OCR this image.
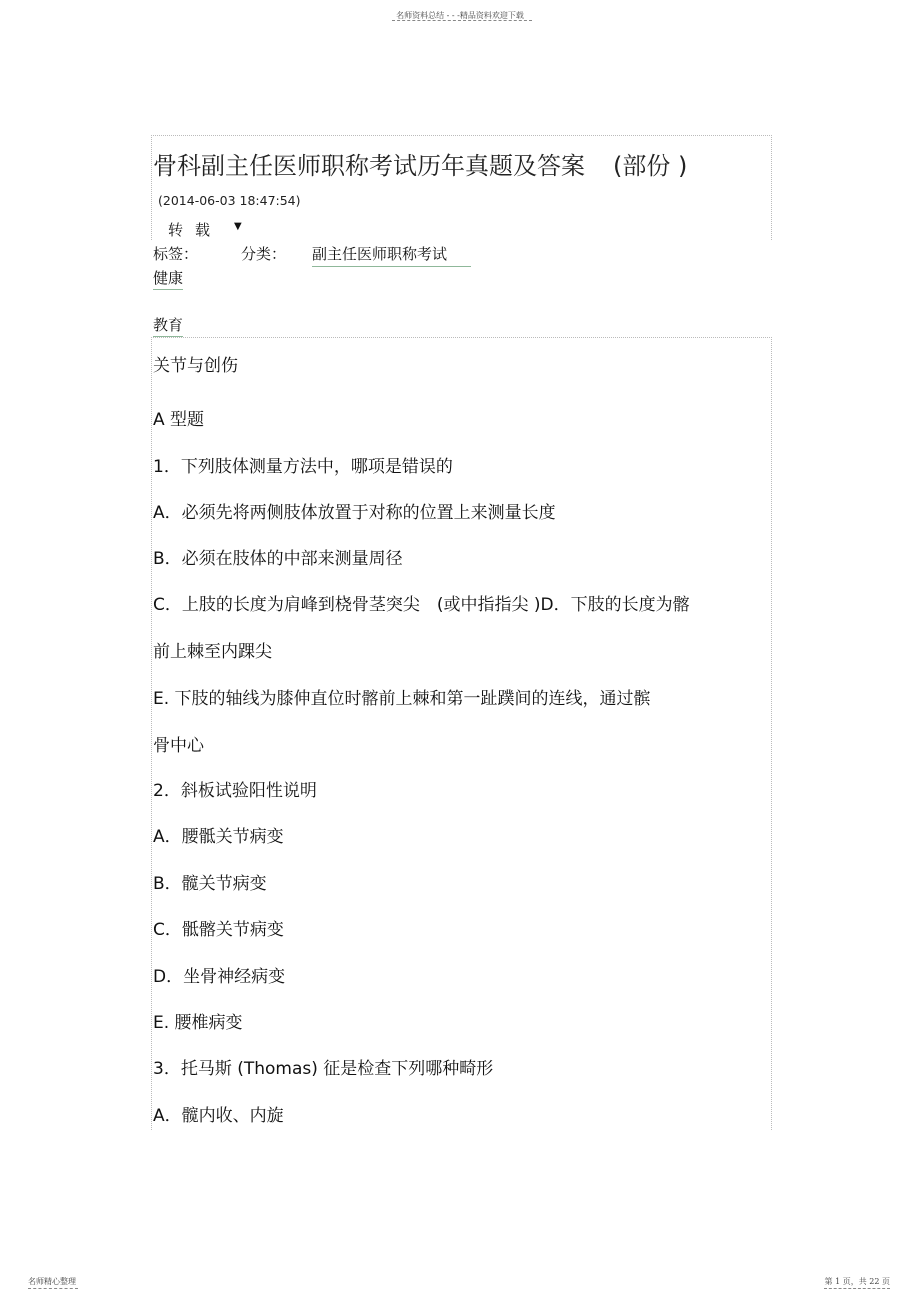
名师资料总结 - - -精品资料欢迎下载
骨科副主任医师职称考试历年真题及答案 (部份 )
(2014-06-03 18:47:54)
转载 ▼
标签：	分类： 副主任医师职称考试
健康
教育
关节与创伤
A 型题
1．下列肢体测量方法中，哪项是错误的
A．必须先将两侧肢体放置于对称的位置上来测量长度
B．必须在肢体的中部来测量周径
C．上肢的长度为肩峰到桡骨茎突尖　(或中指指尖 )D．下肢的长度为髂
前上棘至内踝尖
E. 下肢的轴线为膝伸直位时髂前上棘和第一趾蹼间的连线，通过髌
骨中心
2．斜板试验阳性说明
A．腰骶关节病变
B．髋关节病变
C．骶髂关节病变
D．坐骨神经病变
E. 腰椎病变
3．托马斯 (Thomas) 征是检查下列哪种畸形
A．髋内收、内旋
名师精心整理	第 1 页，共 22 页
